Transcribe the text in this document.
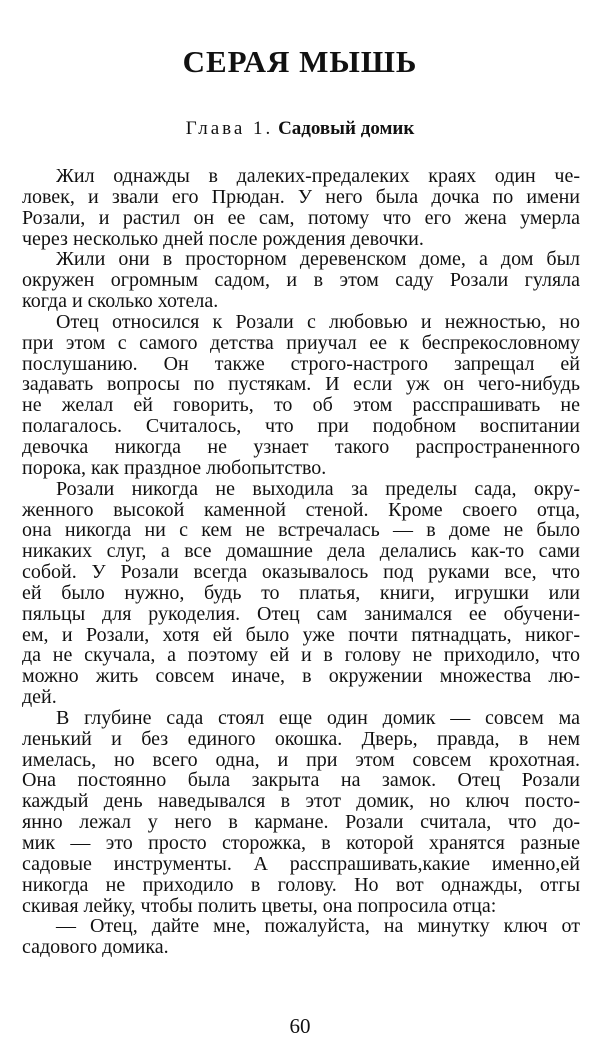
СЕРАЯ МЫШЬ
Глава 1. Садовый домик
Жил однажды в далеких-предалеких краях один че-
ловек, и звали его Прюдан. У него была дочка по имени
Розали, и растил он ее сам, потому что его жена умерла
через несколько дней после рождения девочки.
Жили они в просторном деревенском доме, а дом был
окружен огромным садом, и в этом саду Розали гуляла
когда и сколько хотела.
Отец относился к Розали с любовью и нежностью, но
при этом с самого детства приучал ее к беспрекословному
послушанию. Он также строго-настрого запрещал ей
задавать вопросы по пустякам. И если уж он чего-нибудь
не желал ей говорить, то об этом расспрашивать не
полагалось. Считалось, что при подобном воспитании
девочка никогда не узнает такого распространенного
порока, как праздное любопытство.
Розали никогда не выходила за пределы сада, окру-
женного высокой каменной стеной. Кроме своего отца,
она никогда ни с кем не встречалась — в доме не было
никаких слуг, а все домашние дела делались как-то сами
собой. У Розали всегда оказывалось под руками все, что
ей было нужно, будь то платья, книги, игрушки или
пяльцы для рукоделия. Отец сам занимался ее обучени-
ем, и Розали, хотя ей было уже почти пятнадцать, никог-
да не скучала, а поэтому ей и в голову не приходило, что
можно жить совсем иначе, в окружении множества лю-
дей.
В глубине сада стоял еще один домик — совсем ма
ленький и без единого окошка. Дверь, правда, в нем
имелась, но всего одна, и при этом совсем крохотная.
Она постоянно была закрыта на замок. Отец Розали
каждый день наведывался в этот домик, но ключ посто-
янно лежал у него в кармане. Розали считала, что до-
мик — это просто сторожка, в которой хранятся разные
садовые инструменты. А расспрашивать,какие именно,ей
никогда не приходило в голову. Но вот однажды, отгы
скивая лейку, чтобы полить цветы, она попросила отца:
— Отец, дайте мне, пожалуйста, на минутку ключ от
садового домика.
60
